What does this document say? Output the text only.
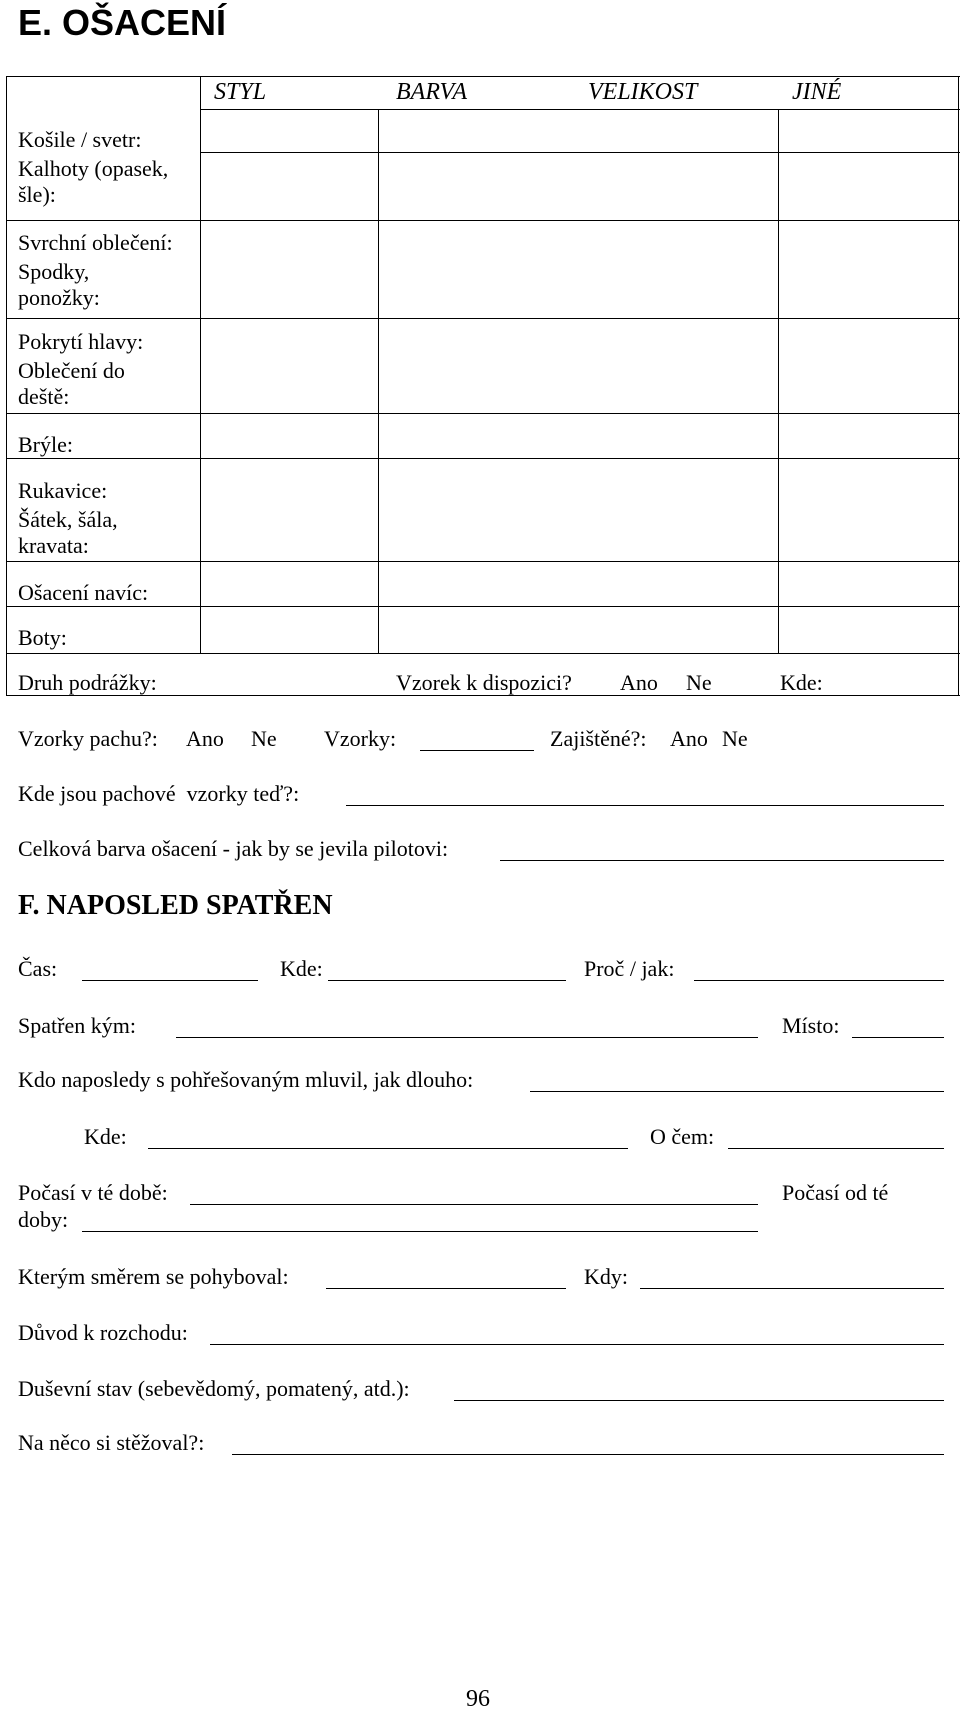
E. OŠACENÍ
STYL	BARVA	VELIKOST	JINÉ
Košile / svetr:
Kalhoty (opasek,
šle):
Svrchní oblečení:
Spodky,
ponožky:
Pokrytí hlavy:
Oblečení do
deště:
Brýle:
Rukavice:
Šátek, šála,
kravata:
Ošacení navíc:
Boty:
Druh podrážky:	Vzorek k dispozici? Ano Ne	Kde:
Vzorky pachu?: Ano Ne Vzorky:	Zajištěné?: Ano Ne
Kde jsou pachové  vzorky teď?:
Celková barva ošacení - jak by se jevila pilotovi:
F. NAPOSLED SPATŘEN
Čas:	Kde:	Proč / jak:
Spatřen kým:	Místo:
Kdo naposledy s pohřešovaným mluvil, jak dlouho:
Kde:	O čem:
Počasí v té době:	Počasí od té
doby:
Kterým směrem se pohyboval:	Kdy:
Důvod k rozchodu:
Duševní stav (sebevědomý, pomatený, atd.):
Na něco si stěžoval?:
96
